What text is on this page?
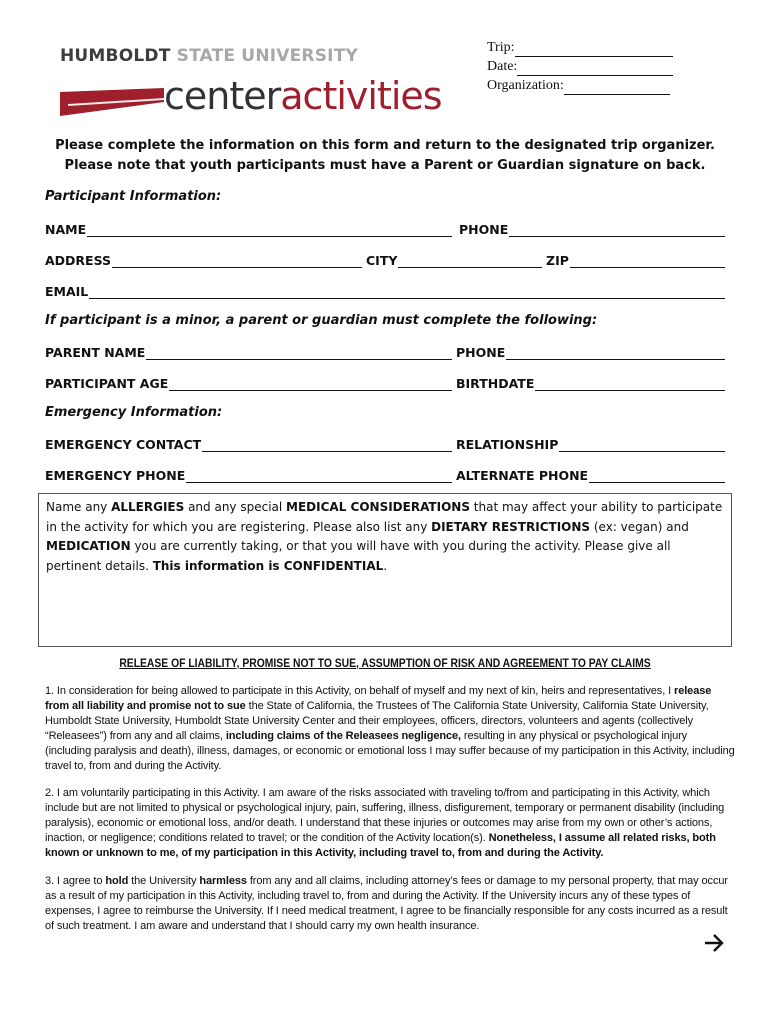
HUMBOLDT STATE UNIVERSITY
centeractivities
Trip:
Date:
Organization:
Please complete the information on this form and return to the designated trip organizer. Please note that youth participants must have a Parent or Guardian signature on back.
Participant Information:
NAME	PHONE
ADDRESS	CITY	ZIP
EMAIL
If participant is a minor, a parent or guardian must complete the following:
PARENT NAME	PHONE
PARTICIPANT AGE	BIRTHDATE
Emergency Information:
EMERGENCY CONTACT	RELATIONSHIP
EMERGENCY PHONE	ALTERNATE PHONE
Name any ALLERGIES and any special MEDICAL CONSIDERATIONS that may affect your ability to participate in the activity for which you are registering. Please also list any DIETARY RESTRICTIONS (ex: vegan) and MEDICATION you are currently taking, or that you will have with you during the activity. Please give all pertinent details. This information is CONFIDENTIAL.
RELEASE OF LIABILITY, PROMISE NOT TO SUE, ASSUMPTION OF RISK AND AGREEMENT TO PAY CLAIMS
1. In consideration for being allowed to participate in this Activity, on behalf of myself and my next of kin, heirs and representatives, I release from all liability and promise not to sue the State of California, the Trustees of The California State University, California State University, Humboldt State University, Humboldt State University Center and their employees, officers, directors, volunteers and agents (collectively “Releasees”) from any and all claims, including claims of the Releasees negligence, resulting in any physical or psychological injury (including paralysis and death), illness, damages, or economic or emotional loss I may suffer because of my participation in this Activity, including travel to, from and during the Activity.
2. I am voluntarily participating in this Activity. I am aware of the risks associated with traveling to/from and participating in this Activity, which include but are not limited to physical or psychological injury, pain, suffering, illness, disfigurement, temporary or permanent disability (including paralysis), economic or emotional loss, and/or death. I understand that these injuries or outcomes may arise from my own or other’s actions, inaction, or negligence; conditions related to travel; or the condition of the Activity location(s). Nonetheless, I assume all related risks, both known or unknown to me, of my participation in this Activity, including travel to, from and during the Activity.
3. I agree to hold the University harmless from any and all claims, including attorney’s fees or damage to my personal property, that may occur as a result of my participation in this Activity, including travel to, from and during the Activity. If the University incurs any of these types of expenses, I agree to reimburse the University. If I need medical treatment, I agree to be financially responsible for any costs incurred as a result of such treatment. I am aware and understand that I should carry my own health insurance.
